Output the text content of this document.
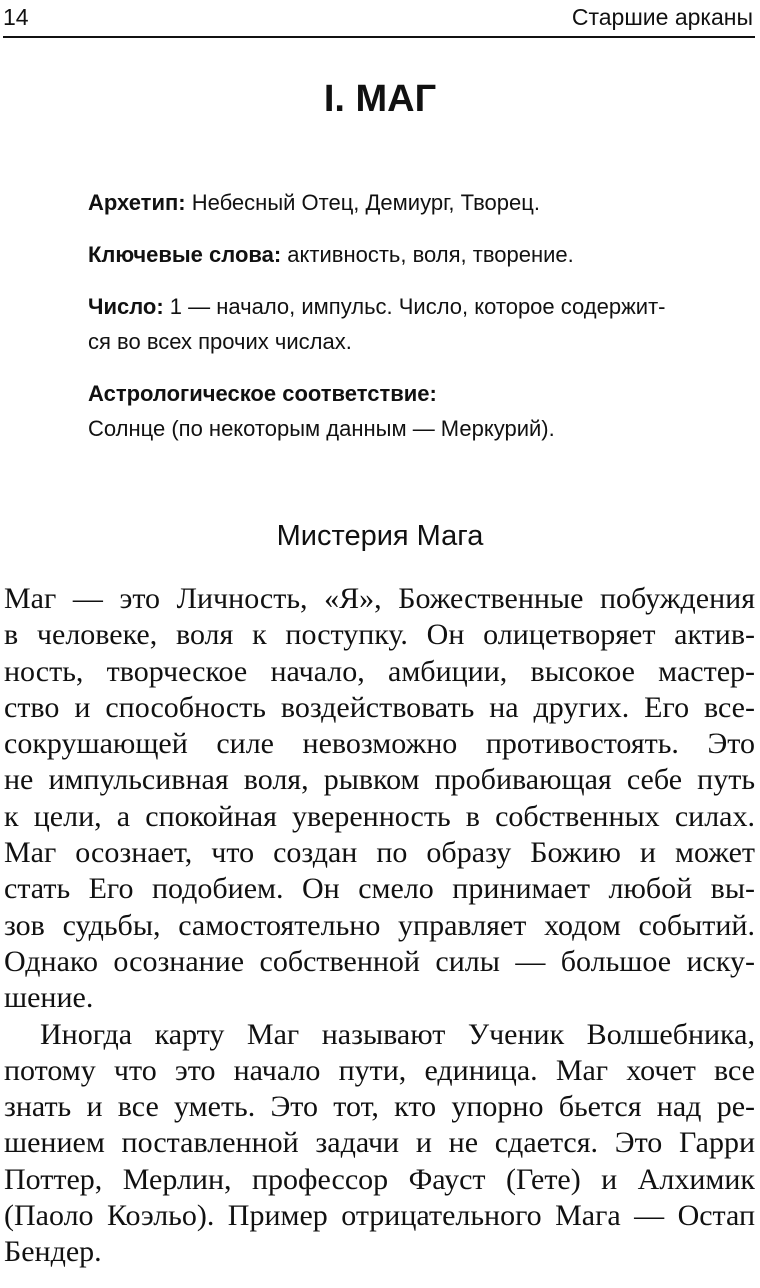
14	Старшие арканы
I. МАГ

Архетип: Небесный Отец, Демиург, Творец.

Ключевые слова: активность, воля, творение.

Число: 1 — начало, импульс. Число, которое содержит-
ся во всех прочих числах.

Астрологическое соответствие:
Солнце (по некоторым данным — Меркурий).

Мистерия Мага
Маг — это Личность, «Я», Божественные побуждения
в человеке, воля к поступку. Он олицетворяет актив-
ность, творческое начало, амбиции, высокое мастер-
ство и способность воздействовать на других. Его все-
сокрушающей силе невозможно противостоять. Это
не импульсивная воля, рывком пробивающая себе путь
к цели, а спокойная уверенность в собственных силах.
Маг осознает, что создан по образу Божию и может
стать Его подобием. Он смело принимает любой вы-
зов судьбы, самостоятельно управляет ходом событий.
Однако осознание собственной силы — большое иску-
шение.
Иногда карту Маг называют Ученик Волшебника,
потому что это начало пути, единица. Маг хочет все
знать и все уметь. Это тот, кто упорно бьется над ре-
шением поставленной задачи и не сдается. Это Гарри
Поттер, Мерлин, профессор Фауст (Гете) и Алхимик
(Паоло Коэльо). Пример отрицательного Мага — Остап
Бендер.
